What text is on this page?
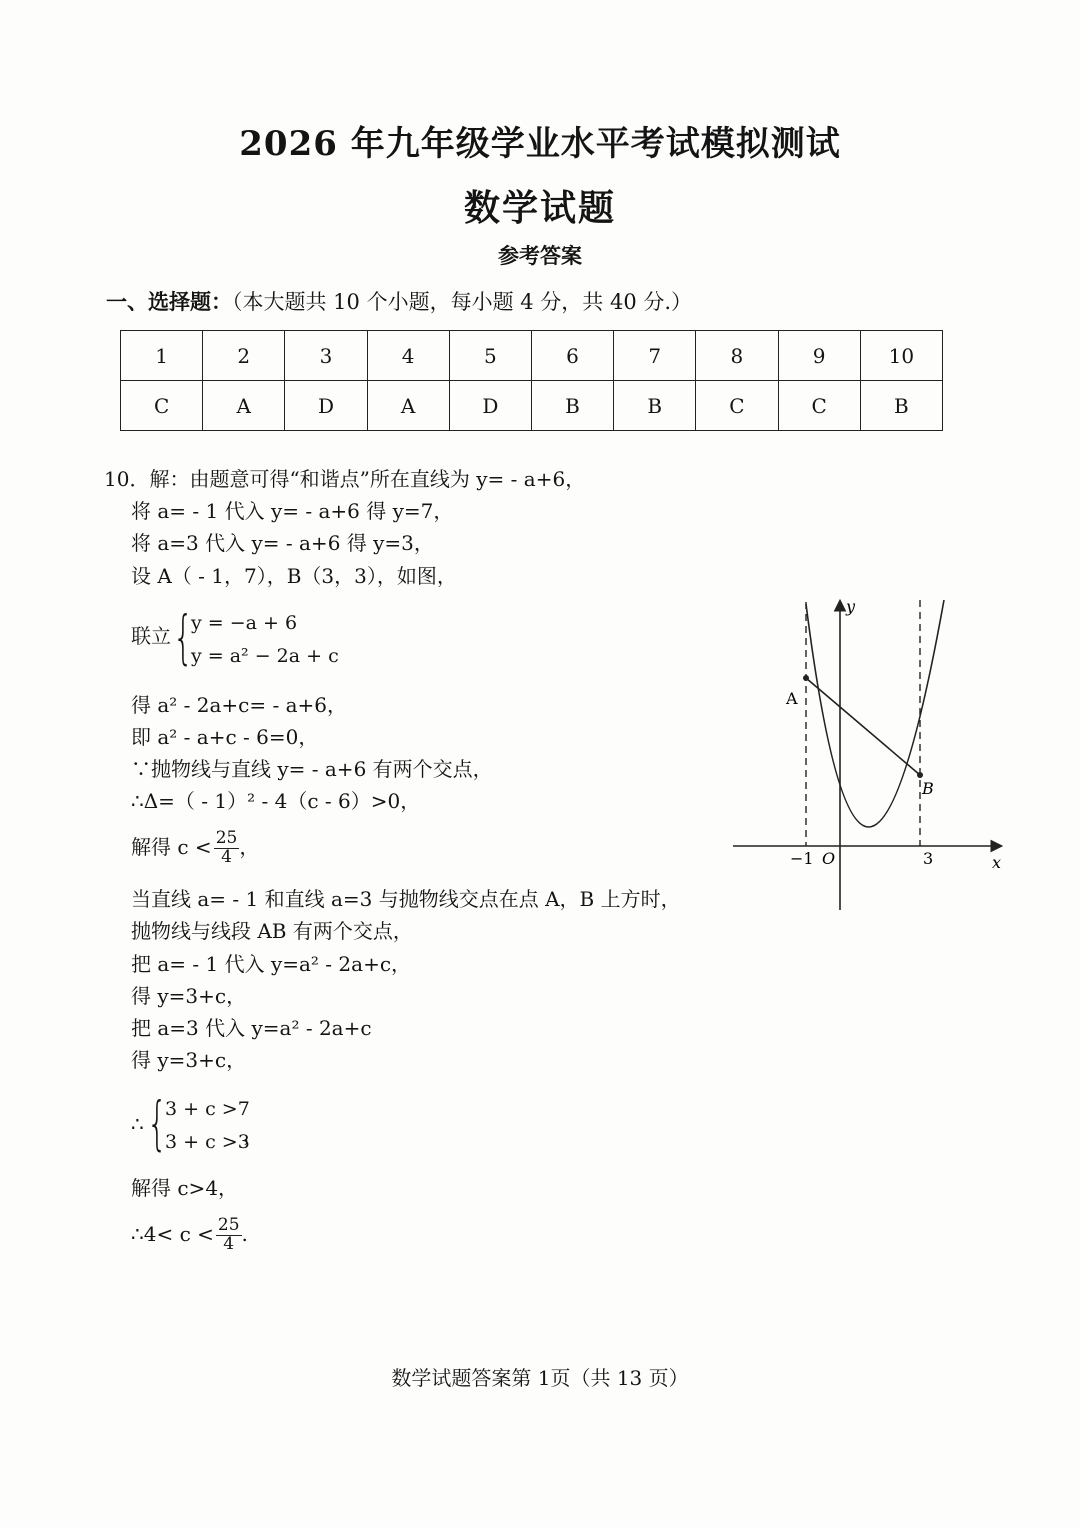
2026 年九年级学业水平考试模拟测试
数学试题
参考答案
一、选择题：（本大题共 10 个小题，每小题 4 分，共 40 分.）
1	2	3	4	5	6	7	8	9	10
C	A	D	A	D	B	B	C	C	B
10．解：由题意可得“和谐点”所在直线为 y= - a+6，
将 a= - 1 代入 y= - a+6 得 y=7，
将 a=3 代入 y= - a+6 得 y=3，
设 A（ - 1，7），B（3，3），如图，
联立 {
y = −a + 6
y = a² − 2a + c
得 a² - 2a+c= - a+6，
即 a² - a+c - 6=0，
∵抛物线与直线 y= - a+6 有两个交点，
∴Δ=（ - 1）² - 4（c - 6）>0，
解得 $c < \frac{25}{4}$ ，
当直线 a= - 1 和直线 a=3 与抛物线交点在点 A，B 上方时，
抛物线与线段 AB 有两个交点，
把 a= - 1 代入 y=a² - 2a+c，
得 y=3+c，
把 a=3 代入 y=a² - 2a+c
得 y=3+c，
∴ {
3 + c >7
3 + c >3
，
解得 c>4，
∴4< $c < \frac{25}{4}$ .
y
x
A
B
O
−1	3
数学试题答案第 1页（共 13 页）
